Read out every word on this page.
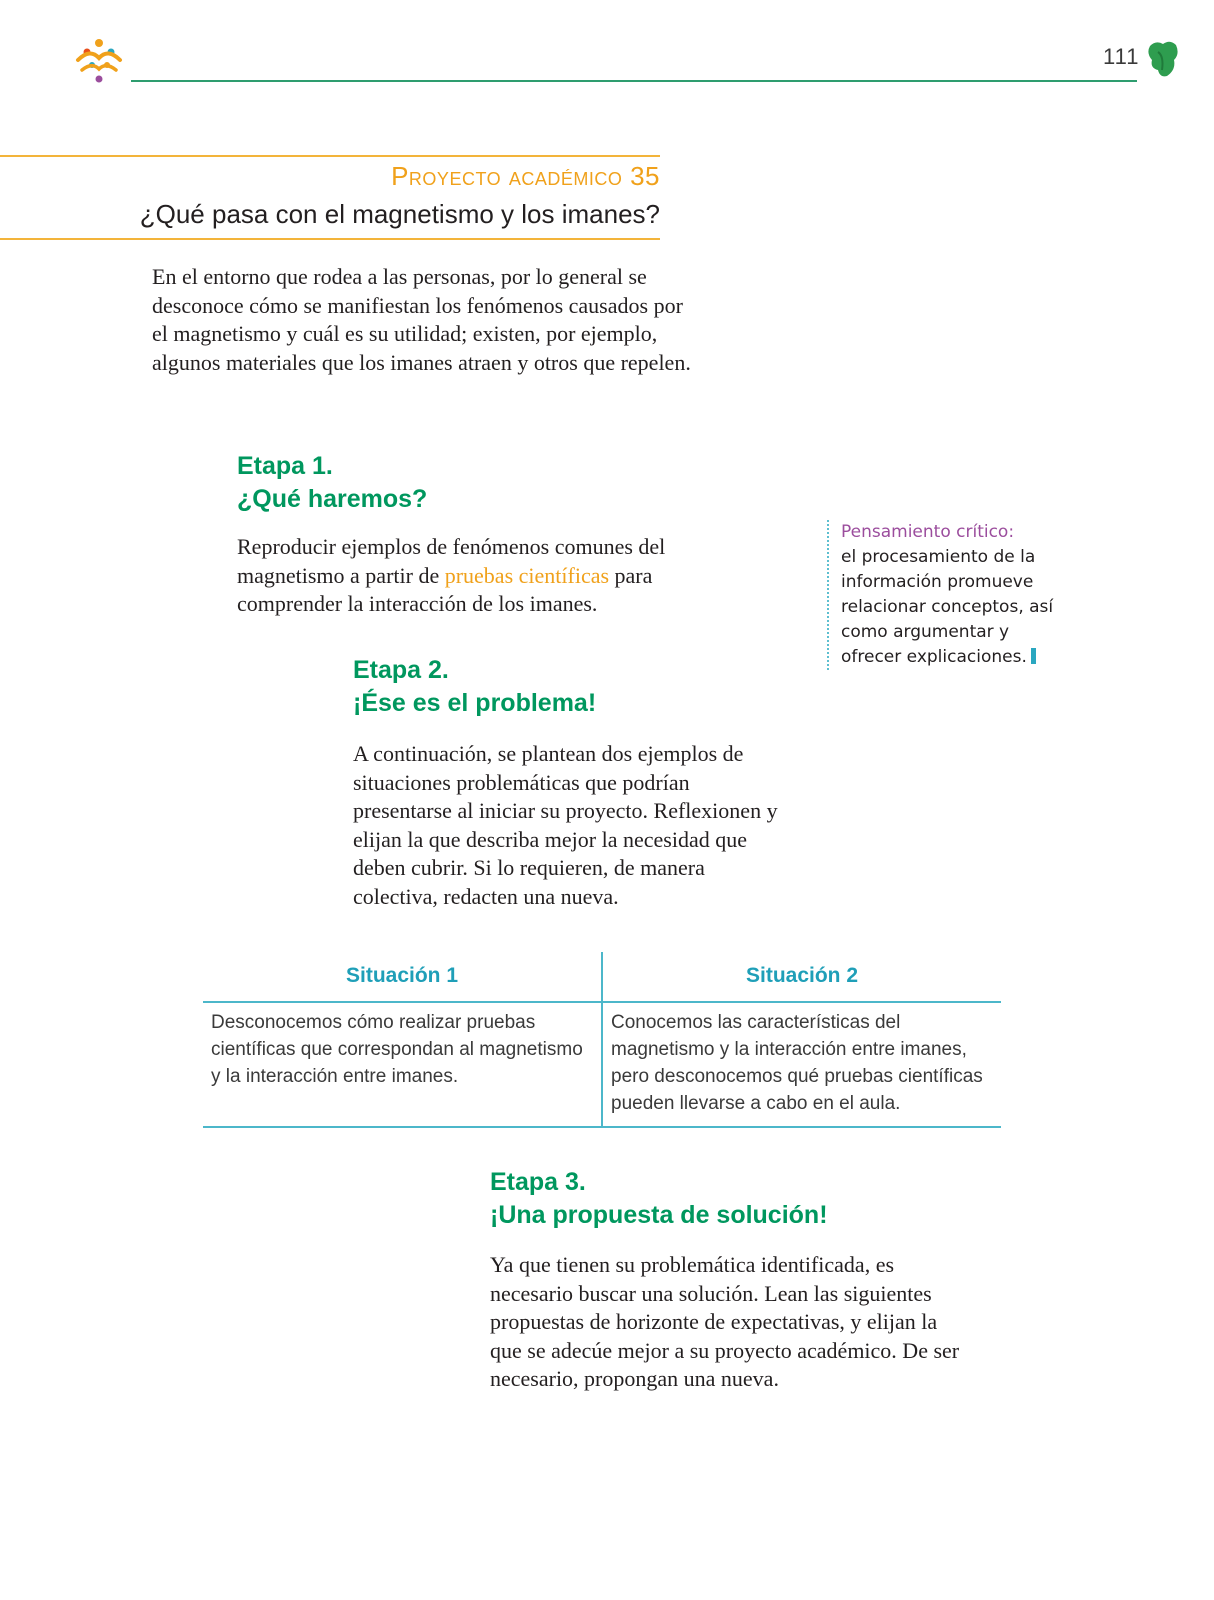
111
Proyecto académico 35
¿Qué pasa con el magnetismo y los imanes?

En el entorno que rodea a las personas, por lo general se desconoce cómo se manifiestan los fenómenos causados por el magnetismo y cuál es su utilidad; existen, por ejemplo, algunos materiales que los imanes atraen y otros que repelen.

Etapa 1.
¿Qué haremos?

Reproducir ejemplos de fenómenos comunes del magnetismo a partir de pruebas científicas para comprender la interacción de los imanes.

Pensamiento crítico:
el procesamiento de la información promueve relacionar conceptos, así como argumentar y ofrecer explicaciones.
Etapa 2.
¡Ése es el problema!

A continuación, se plantean dos ejemplos de situaciones problemáticas que podrían presentarse al iniciar su proyecto. Reflexionen y elijan la que describa mejor la necesidad que deben cubrir. Si lo requieren, de manera colectiva, redacten una nueva.

Situación 1	Situación 2
Desconocemos cómo realizar pruebas científicas que correspondan al magnetismo y la interacción entre imanes.
Conocemos las características del magnetismo y la interacción entre imanes, pero desconocemos qué pruebas científicas pueden llevarse a cabo en el aula.
Etapa 3.
¡Una propuesta de solución!

Ya que tienen su problemática identificada, es necesario buscar una solución. Lean las siguientes propuestas de horizonte de expectativas, y elijan la que se adecúe mejor a su proyecto académico. De ser necesario, propongan una nueva.
